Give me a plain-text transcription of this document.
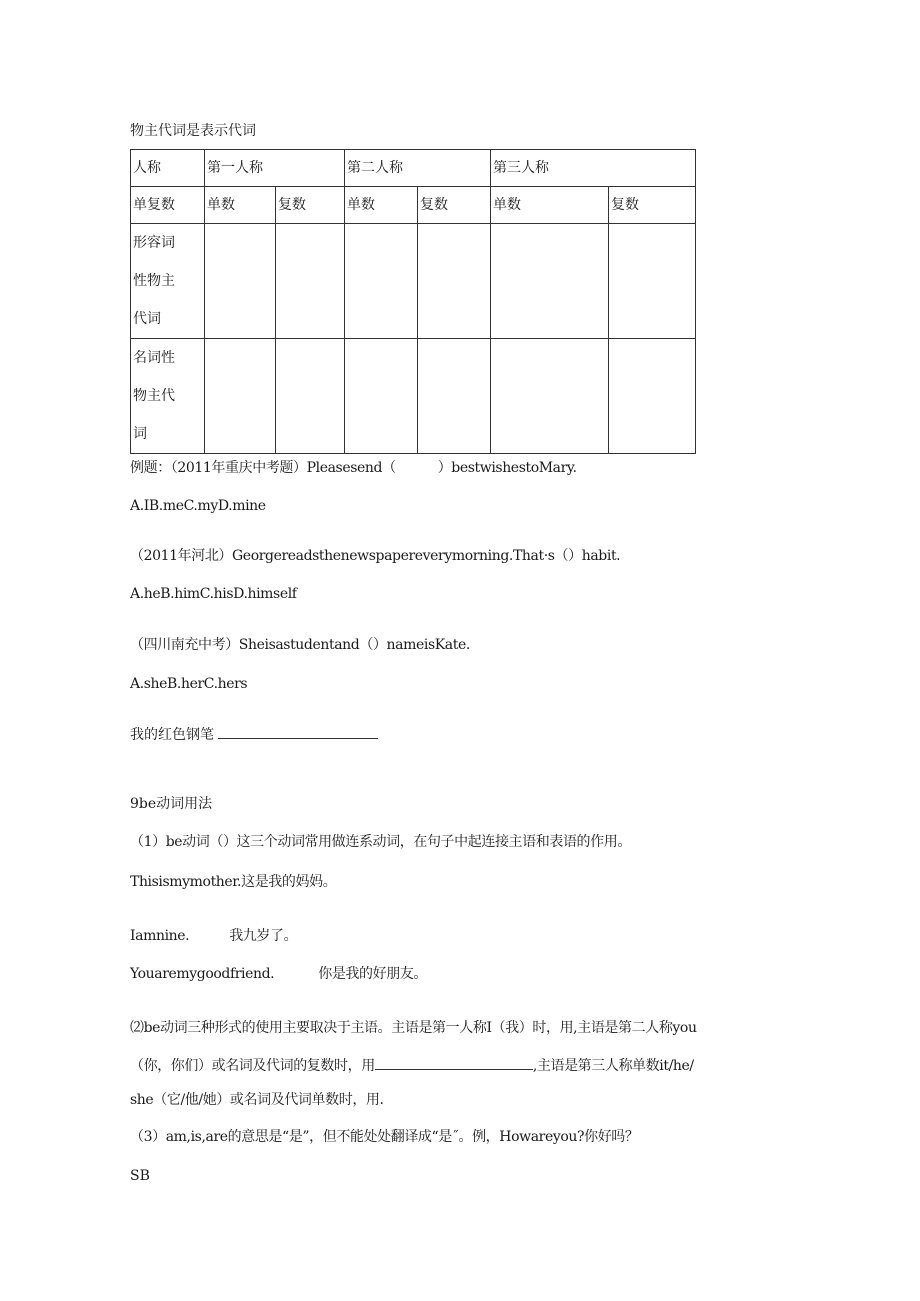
物主代词是表示代词
人称	第一人称		第二人称		第三人称	
单复数	单数	复数	单数	复数	单数	复数

形容词
性物主
代词						

名词性
物主代
词						

例题：（2011年重庆中考题）Pleasesend（	）bestwishestoMary.
A.IB.meC.myD.mine
（2011年河北）Georgereadsthenewspapereverymorning.That·s（）habit.
A.heB.himC.hisD.himself
（四川南充中考）Sheisastudentand（）nameisKate.
A.sheB.herC.hers
我的红色钢笔
9be动词用法
（1）be动词（）这三个动词常用做连系动词，在句子中起连接主语和表语的作用。
Thisismymother.这是我的妈妈。
Iamnine.	我九岁了。
Youaremygoodfriend.	你是我的好朋友。
⑵be动词三种形式的使用主要取决于主语。主语是第一人称I（我）时，用,主语是第二人称you
（你，你们）或名词及代词的复数时，用	,主语是第三人称单数it/he/
she（它/他/她）或名词及代词单数时，用.
（3）am,is,are的意思是“是”，但不能处处翻译成“是˝。例，Howareyou?你好吗？
SB
